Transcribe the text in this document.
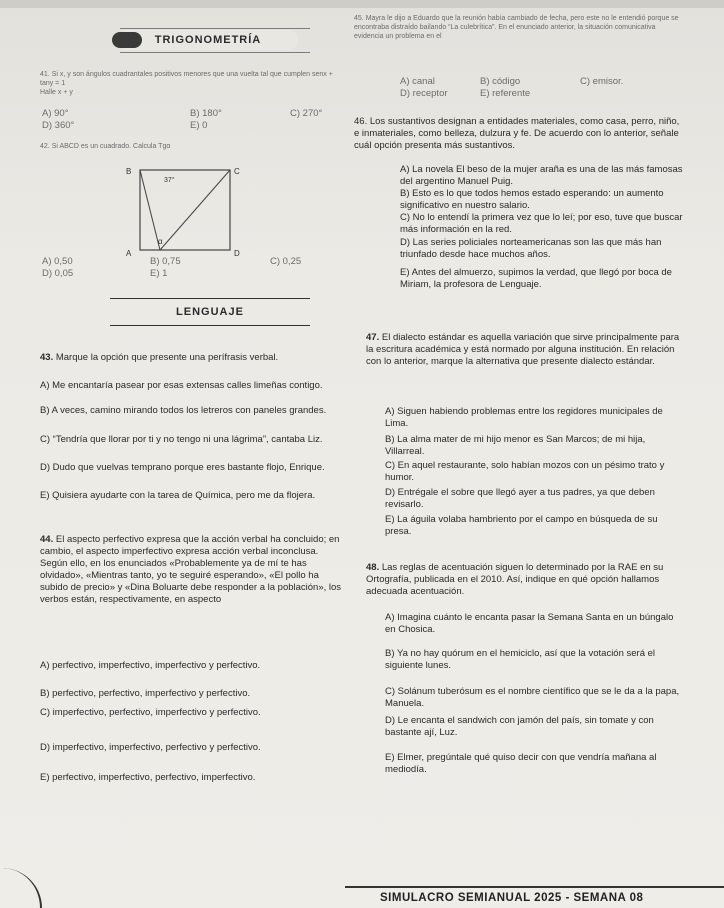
TRIGONOMETRÍA
41. Si x, y son ángulos cuadrantales positivos menores que una vuelta tal que cumplen senx + tany = 1
Halle x + y
A) 90°	B) 180°	C) 270°
D) 360°	E) 0
42. Si ABCD es un cuadrado. Calcula Tgα
B	C
A	D
37°
α
A) 0,50	B) 0,75	C) 0,25
D) 0,05	E) 1
LENGUAJE
43. Marque la opción que presente una perífrasis verbal.
A) Me encantaría pasear por esas extensas calles limeñas contigo.
B) A veces, camino mirando todos los letreros con paneles grandes.
C) “Tendría que llorar por ti y no tengo ni una lágrima”, cantaba Liz.
D) Dudo que vuelvas temprano porque eres bastante flojo, Enrique.
E) Quisiera ayudarte con la tarea de Química, pero me da flojera.
44. El aspecto perfectivo expresa que la acción verbal ha concluido; en cambio, el aspecto imperfectivo expresa acción verbal inconclusa. Según ello, en los enunciados «Probablemente ya de mí te has olvidado», «Mientras tanto, yo te seguiré esperando», «El pollo ha subido de precio» y «Dina Boluarte debe responder a la población», los verbos están, respectivamente, en aspecto
A) perfectivo, imperfectivo, imperfectivo y perfectivo.
B) perfectivo, perfectivo, imperfectivo y perfectivo.
C) imperfectivo, perfectivo, imperfectivo y perfectivo.
D) imperfectivo, imperfectivo, perfectivo y perfectivo.
E) perfectivo, imperfectivo, perfectivo, imperfectivo.
45. Mayra le dijo a Eduardo que la reunión había cambiado de fecha, pero este no le entendió porque se encontraba distraído bailando “La culebrítica”. En el enunciado anterior, la situación comunicativa evidencia un problema en el
A) canal	B) código	C) emisor.
D) receptor	E) referente
46. Los sustantivos designan a entidades materiales, como casa, perro, niño, e inmateriales, como belleza, dulzura y fe. De acuerdo con lo anterior, señale cuál opción presenta más sustantivos.
A) La novela El beso de la mujer araña es una de las más famosas del argentino Manuel Puig.
B) Esto es lo que todos hemos estado esperando: un aumento significativo en nuestro salario.
C) No lo entendí la primera vez que lo leí; por eso, tuve que buscar más información en la red.
D) Las series policiales norteamericanas son las que más han triunfado desde hace muchos años.
E) Antes del almuerzo, supimos la verdad, que llegó por boca de Miriam, la profesora de Lenguaje.
47. El dialecto estándar es aquella variación que sirve principalmente para la escritura académica y está normado por alguna institución. En relación con lo anterior, marque la alternativa que presente dialecto estándar.
A) Siguen habiendo problemas entre los regidores municipales de Lima.
B) La alma mater de mi hijo menor es San Marcos; de mi hija, Villarreal.
C) En aquel restaurante, solo habían mozos con un pésimo trato y humor.
D) Entrégale el sobre que llegó ayer a tus padres, ya que deben revisarlo.
E) La águila volaba hambriento por el campo en búsqueda de su presa.
48. Las reglas de acentuación siguen lo determinado por la RAE en su Ortografía, publicada en el 2010. Así, indique en qué opción hallamos adecuada acentuación.
A) Imagina cuánto le encanta pasar la Semana Santa en un búngalo en Chosica.
B) Ya no hay quórum en el hemiciclo, así que la votación será el siguiente lunes.
C) Solánum tuberósum es el nombre científico que se le da a la papa, Manuela.
D) Le encanta el sandwich con jamón del país, sin tomate y con bastante ají, Luz.
E) Elmer, pregúntale qué quiso decir con que vendría mañana al mediodía.
SIMULACRO SEMIANUAL 2025 - SEMANA 08
